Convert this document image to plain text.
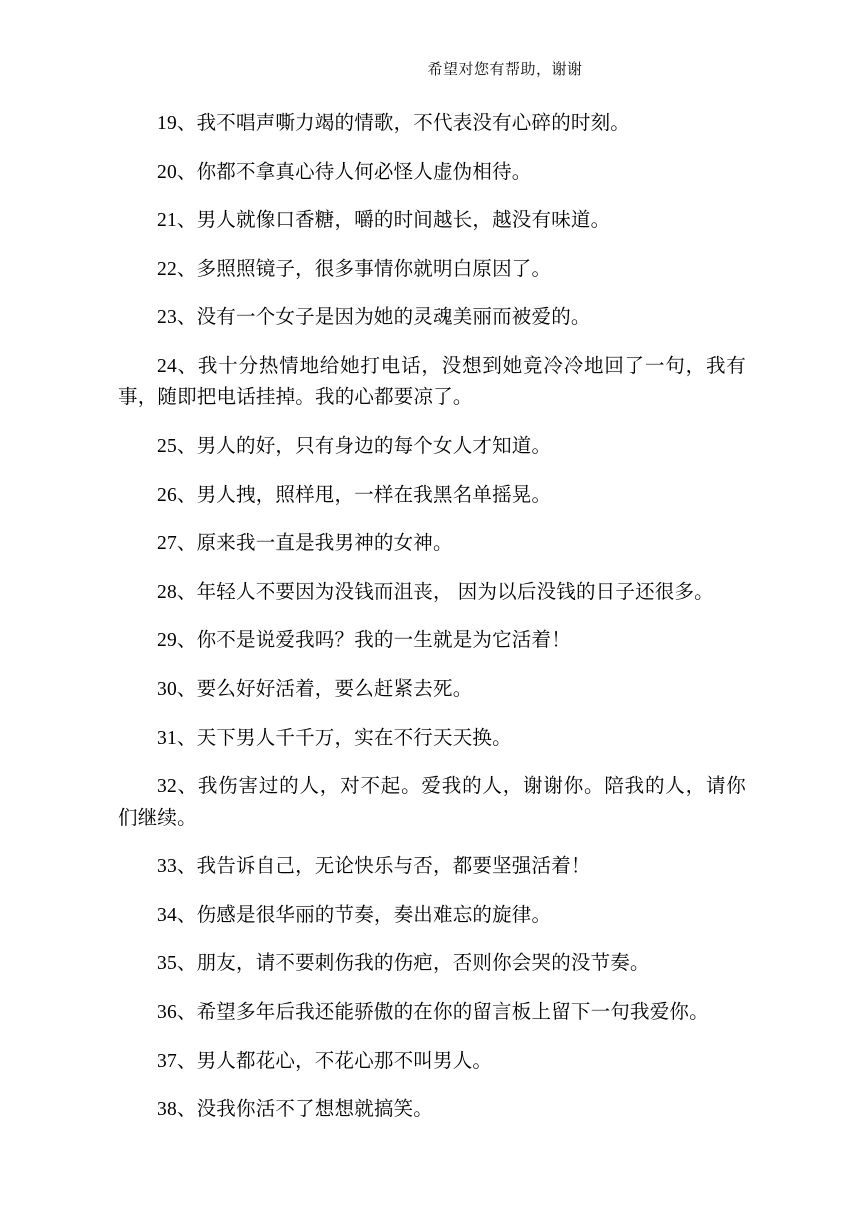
希望对您有帮助，谢谢

19、我不唱声嘶力竭的情歌，不代表没有心碎的时刻。

20、你都不拿真心待人何必怪人虚伪相待。

21、男人就像口香糖，嚼的时间越长，越没有味道。

22、多照照镜子，很多事情你就明白原因了。

23、没有一个女子是因为她的灵魂美丽而被爱的。

24、我十分热情地给她打电话，没想到她竟冷冷地回了一句，我有事，随即把电话挂掉。我的心都要凉了。

25、男人的好，只有身边的每个女人才知道。

26、男人拽，照样甩，一样在我黑名单摇晃。

27、原来我一直是我男神的女神。

28、年轻人不要因为没钱而沮丧， 因为以后没钱的日子还很多。

29、你不是说爱我吗？我的一生就是为它活着！

30、要么好好活着，要么赶紧去死。

31、天下男人千千万，实在不行天天换。

32、我伤害过的人，对不起。爱我的人，谢谢你。陪我的人，请你们继续。

33、我告诉自己，无论快乐与否，都要坚强活着！

34、伤感是很华丽的节奏，奏出难忘的旋律。

35、朋友，请不要刺伤我的伤疤，否则你会哭的没节奏。

36、希望多年后我还能骄傲的在你的留言板上留下一句我爱你。

37、男人都花心，不花心那不叫男人。

38、没我你活不了想想就搞笑。
